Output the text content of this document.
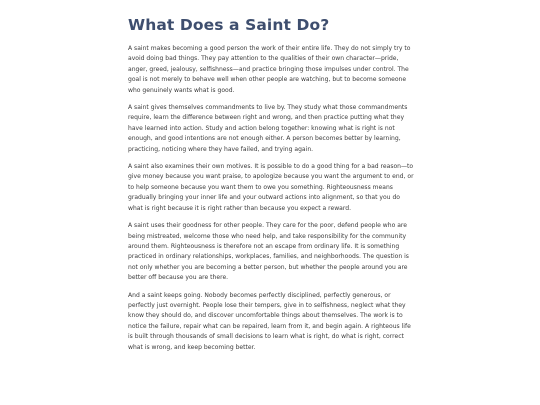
What Does a Saint Do?

A saint makes becoming a good person the work of their entire life. They do not simply try to avoid doing bad things. They pay attention to the qualities of their own character—pride, anger, greed, jealousy, selfishness—and practice bringing those impulses under control. The goal is not merely to behave well when other people are watching, but to become someone who genuinely wants what is good.

A saint gives themselves commandments to live by. They study what those commandments require, learn the difference between right and wrong, and then practice putting what they have learned into action. Study and action belong together: knowing what is right is not enough, and good intentions are not enough either. A person becomes better by learning, practicing, noticing where they have failed, and trying again.

A saint also examines their own motives. It is possible to do a good thing for a bad reason—to give money because you want praise, to apologize because you want the argument to end, or to help someone because you want them to owe you something. Righteousness means gradually bringing your inner life and your outward actions into alignment, so that you do what is right because it is right rather than because you expect a reward.

A saint uses their goodness for other people. They care for the poor, defend people who are being mistreated, welcome those who need help, and take responsibility for the community around them. Righteousness is therefore not an escape from ordinary life. It is something practiced in ordinary relationships, workplaces, families, and neighborhoods. The question is not only whether you are becoming a better person, but whether the people around you are better off because you are there.

And a saint keeps going. Nobody becomes perfectly disciplined, perfectly generous, or perfectly just overnight. People lose their tempers, give in to selfishness, neglect what they know they should do, and discover uncomfortable things about themselves. The work is to notice the failure, repair what can be repaired, learn from it, and begin again. A righteous life is built through thousands of small decisions to learn what is right, do what is right, correct what is wrong, and keep becoming better.
